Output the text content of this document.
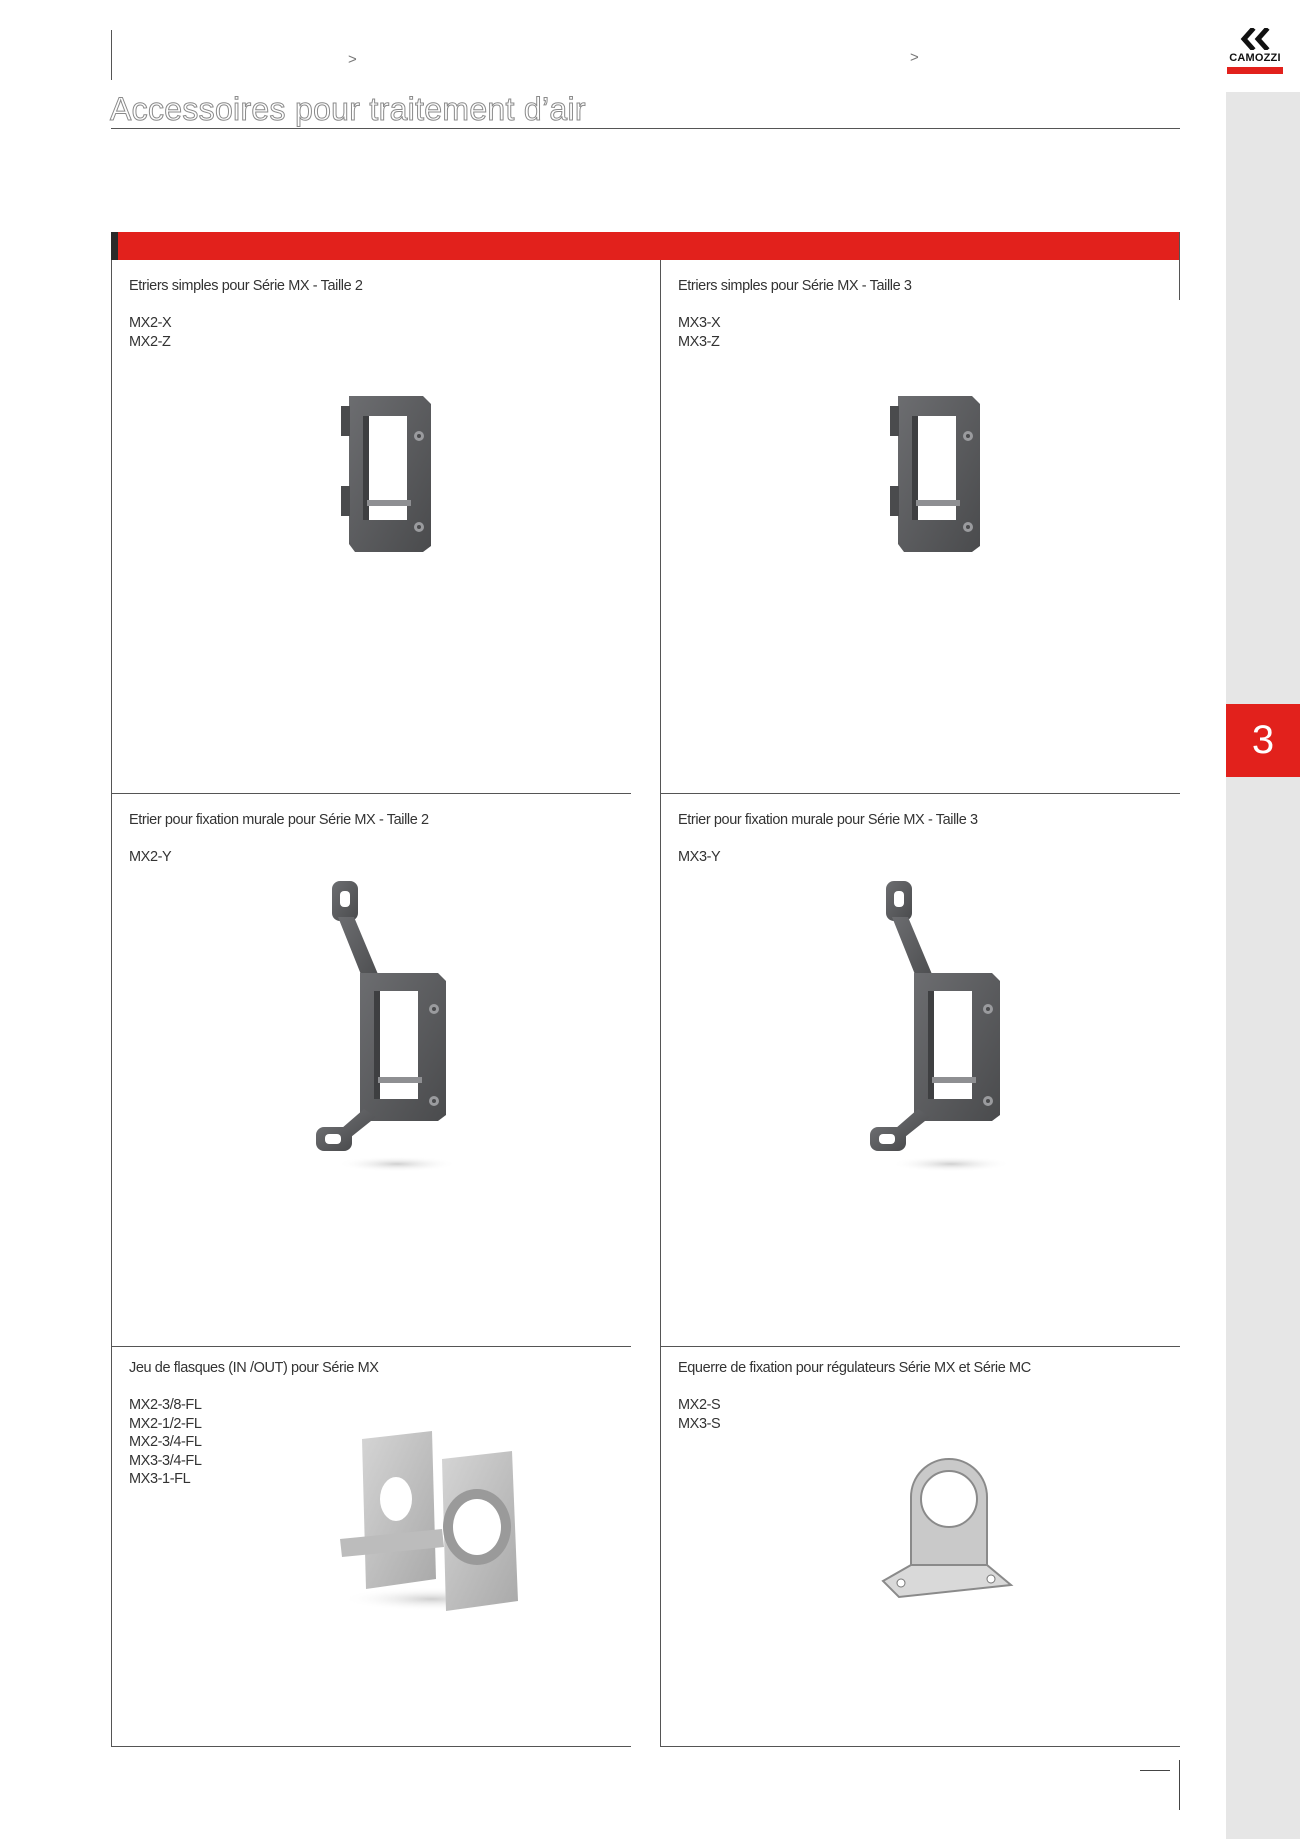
3
CAMOZZI
>	>
Accessoires pour traitement d’air
Etriers simples pour Série MX - Taille 2
MX2-X
MX2-Z
Etriers simples pour Série MX - Taille 3
MX3-X
MX3-Z
Etrier pour fixation murale pour Série MX - Taille 2
MX2-Y
Etrier pour fixation murale pour Série MX - Taille 3
MX3-Y
Jeu de flasques (IN /OUT) pour Série MX
MX2-3/8-FL
MX2-1/2-FL
MX2-3/4-FL
MX3-3/4-FL
MX3-1-FL
Equerre de fixation pour régulateurs Série MX et Série MC
MX2-S
MX3-S
